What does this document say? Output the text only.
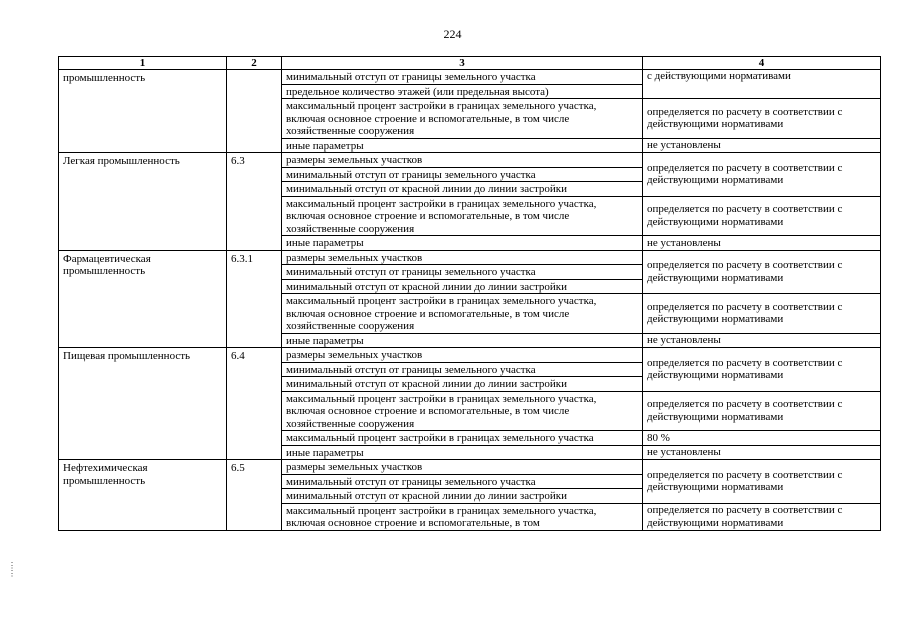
224
1	2	3	4
промышленность		минимальный отступ от границы земельного участка	с действующими нормативами
		предельное количество этажей (или предельная высота)	
		максимальный процент застройки в границах земельного участка, включая основное строение и вспомогательные, в том числе хозяйственные сооружения	определяется по расчету в соответствии с действующими нормативами
		иные параметры	не установлены
Легкая промышленность	6.3	размеры земельных участков	определяется по расчету в соответствии с действующими нормативами
		минимальный отступ от границы земельного участка	
		минимальный отступ от красной линии до линии застройки	
		максимальный процент застройки в границах земельного участка, включая основное строение и вспомогательные, в том числе хозяйственные сооружения	определяется по расчету в соответствии с действующими нормативами
		иные параметры	не установлены
Фармацевтическая промышленность	6.3.1	размеры земельных участков	определяется по расчету в соответствии с действующими нормативами
		минимальный отступ от границы земельного участка	
		минимальный отступ от красной линии до линии застройки	
		максимальный процент застройки в границах земельного участка, включая основное строение и вспомогательные, в том числе хозяйственные сооружения	определяется по расчету в соответствии с действующими нормативами
		иные параметры	не установлены
Пищевая промышленность	6.4	размеры земельных участков	определяется по расчету в соответствии с действующими нормативами
		минимальный отступ от границы земельного участка	
		минимальный отступ от красной линии до линии застройки	
		максимальный процент застройки в границах земельного участка, включая основное строение и вспомогательные, в том числе хозяйственные сооружения	определяется по расчету в соответствии с действующими нормативами
		максимальный процент застройки в границах земельного участка	80 %
		иные параметры	не установлены
Нефтехимическая промышленность	6.5	размеры земельных участков	определяется по расчету в соответствии с действующими нормативами
		минимальный отступ от границы земельного участка	
		минимальный отступ от красной линии до линии застройки	
		максимальный процент застройки в границах земельного участка, включая основное строение и вспомогательные, в том	определяется по расчету в соответствии с действующими нормативами
⋮
⋮
